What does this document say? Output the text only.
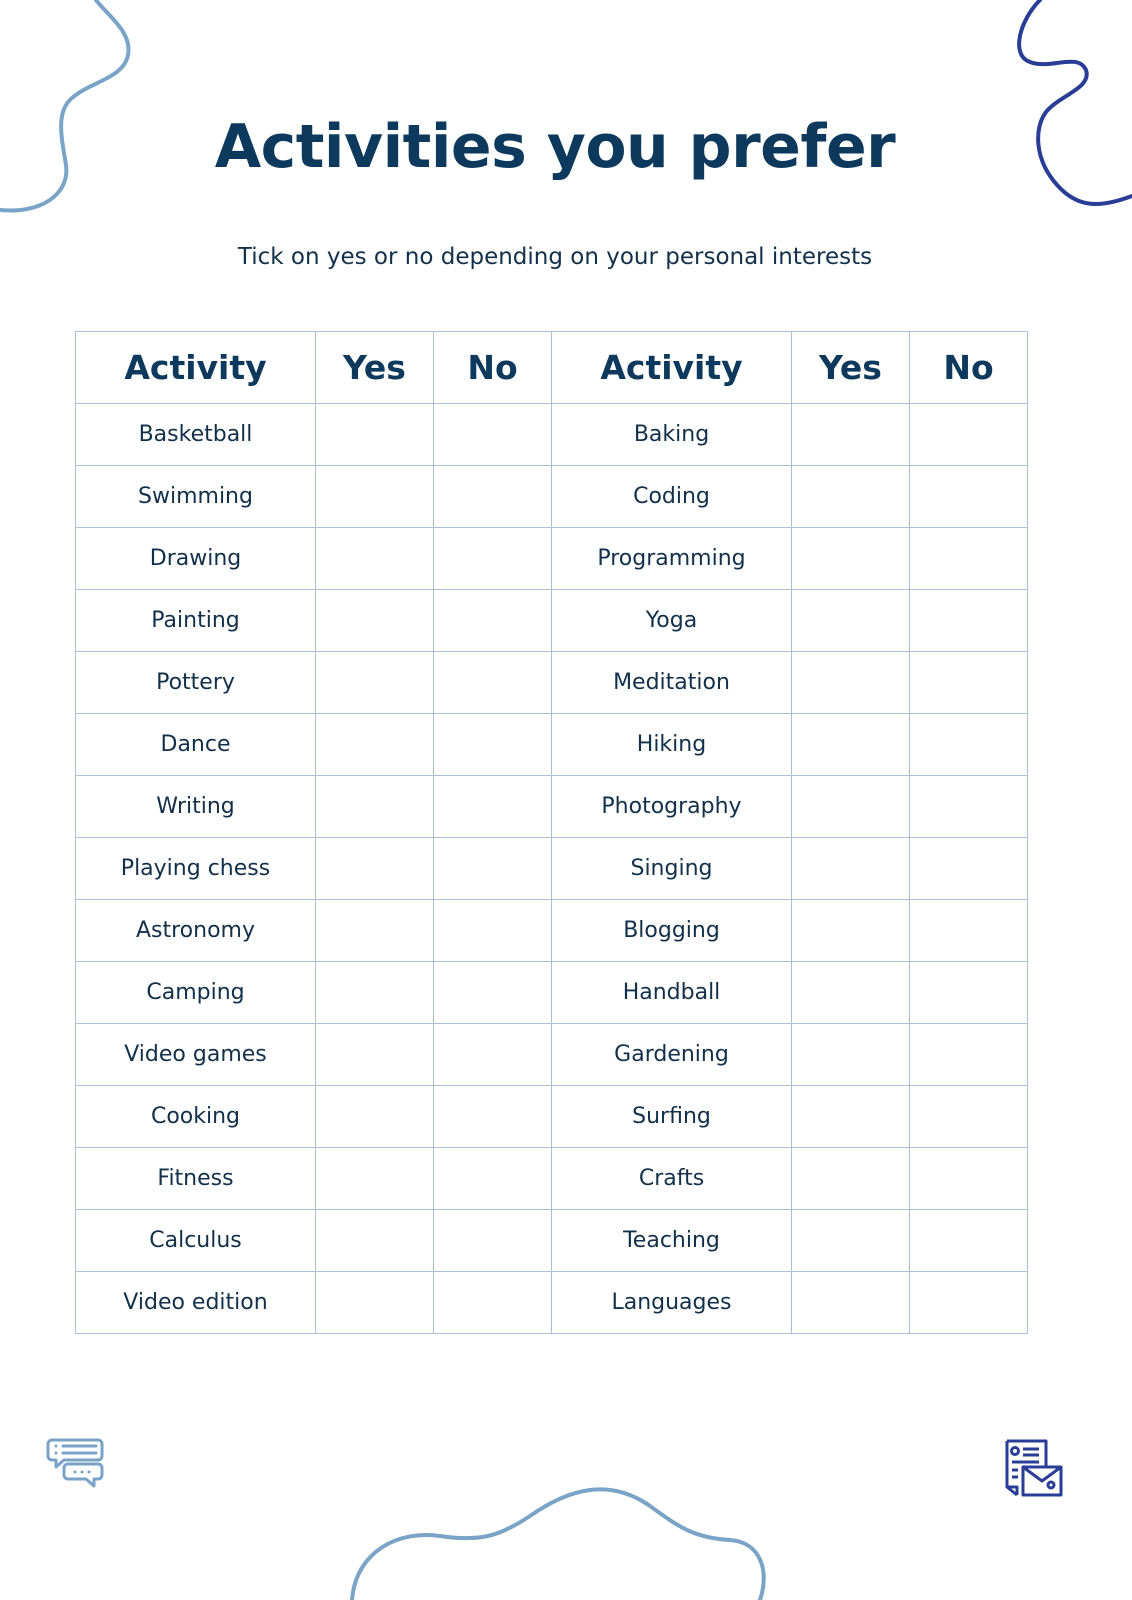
Activities you prefer

Tick on yes or no depending on your personal interests

Activity	Yes	No	Activity	Yes	No
Basketball			Baking		
Swimming			Coding		
Drawing			Programming		
Painting			Yoga		
Pottery			Meditation		
Dance			Hiking		
Writing			Photography		
Playing chess			Singing		
Astronomy			Blogging		
Camping			Handball		
Video games			Gardening		
Cooking			Surfing		
Fitness			Crafts		
Calculus			Teaching		
Video edition			Languages		
